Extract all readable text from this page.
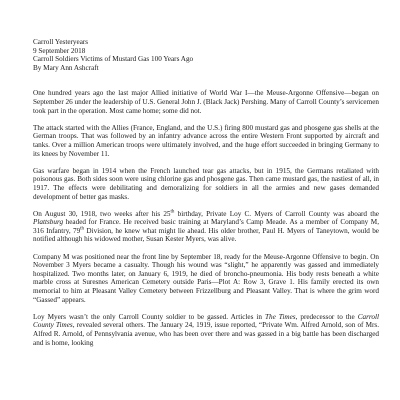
Carroll Yesteryears

9 September 2018

Carroll Soldiers Victims of Mustard Gas 100 Years Ago

By Mary Ann Ashcraft

One hundred years ago the last major Allied initiative of World War I—the Meuse-Argonne Offensive—began on September 26 under the leadership of U.S. General John J. (Black Jack) Pershing. Many of Carroll County’s servicemen took part in the operation. Most came home; some did not.

The attack started with the Allies (France, England, and the U.S.) firing 800 mustard gas and phosgene gas shells at the German troops. That was followed by an infantry advance across the entire Western Front supported by aircraft and tanks. Over a million American troops were ultimately involved, and the huge effort succeeded in bringing Germany to its knees by November 11.

Gas warfare began in 1914 when the French launched tear gas attacks, but in 1915, the Germans retaliated with poisonous gas. Both sides soon were using chlorine gas and phosgene gas. Then came mustard gas, the nastiest of all, in 1917. The effects were debilitating and demoralizing for soldiers in all the armies and new gases demanded development of better gas masks.

On August 30, 1918, two weeks after his 25th birthday, Private Loy C. Myers of Carroll County was aboard the Plattsburg headed for France. He received basic training at Maryland’s Camp Meade. As a member of Company M, 316 Infantry, 79th Division, he knew what might lie ahead. His older brother, Paul H. Myers of Taneytown, would be notified although his widowed mother, Susan Kester Myers, was alive.

Company M was positioned near the front line by September 18, ready for the Meuse-Argonne Offensive to begin. On November 3 Myers became a casualty. Though his wound was “slight,” he apparently was gassed and immediately hospitalized. Two months later, on January 6, 1919, he died of broncho-pneumonia. His body rests beneath a white marble cross at Suresnes American Cemetery outside Paris—Plot A: Row 3, Grave 1. His family erected its own memorial to him at Pleasant Valley Cemetery between Frizzellburg and Pleasant Valley. That is where the grim word “Gassed” appears.

Loy Myers wasn’t the only Carroll County soldier to be gassed. Articles in The Times, predecessor to the Carroll County Times, revealed several others. The January 24, 1919, issue reported, “Private Wm. Alfred Arnold, son of Mrs. Alfred R. Arnold, of Pennsylvania avenue, who has been over there and was gassed in a big battle has been discharged and is home, looking
